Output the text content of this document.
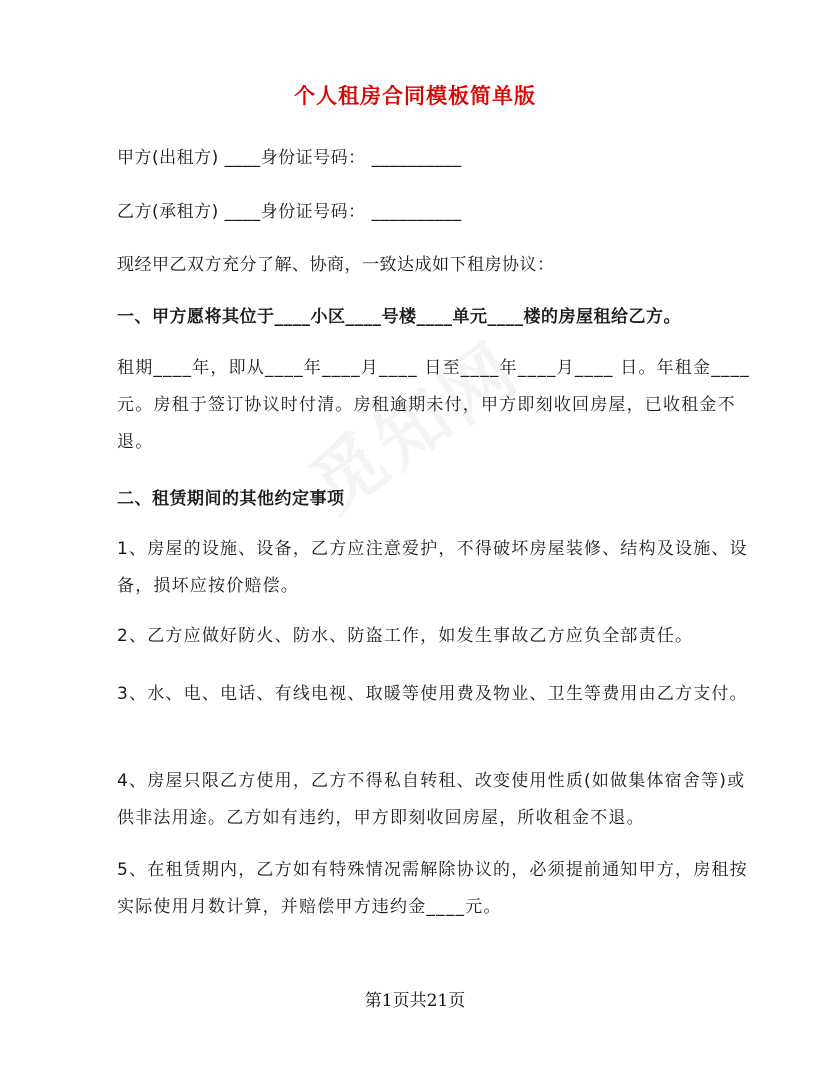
个人租房合同模板简单版
甲方(出租方) ____身份证号码： __________
乙方(承租方) ____身份证号码： __________
现经甲乙双方充分了解、协商，一致达成如下租房协议：
一、甲方愿将其位于____小区____号楼____单元____楼的房屋租给乙方。
租期____年，即从____年____月____ 日至____年____月____ 日。年租金____元。房租于签订协议时付清。房租逾期未付，甲方即刻收回房屋，已收租金不退。
二、租赁期间的其他约定事项
1、房屋的设施、设备，乙方应注意爱护，不得破坏房屋装修、结构及设施、设备，损坏应按价赔偿。
2、乙方应做好防火、防水、防盗工作，如发生事故乙方应负全部责任。
3、水、电、电话、有线电视、取暖等使用费及物业、卫生等费用由乙方支付。
4、房屋只限乙方使用，乙方不得私自转租、改变使用性质(如做集体宿舍等)或供非法用途。乙方如有违约，甲方即刻收回房屋，所收租金不退。
5、在租赁期内，乙方如有特殊情况需解除协议的，必须提前通知甲方，房租按实际使用月数计算，并赔偿甲方违约金____元。
第1页共21页
